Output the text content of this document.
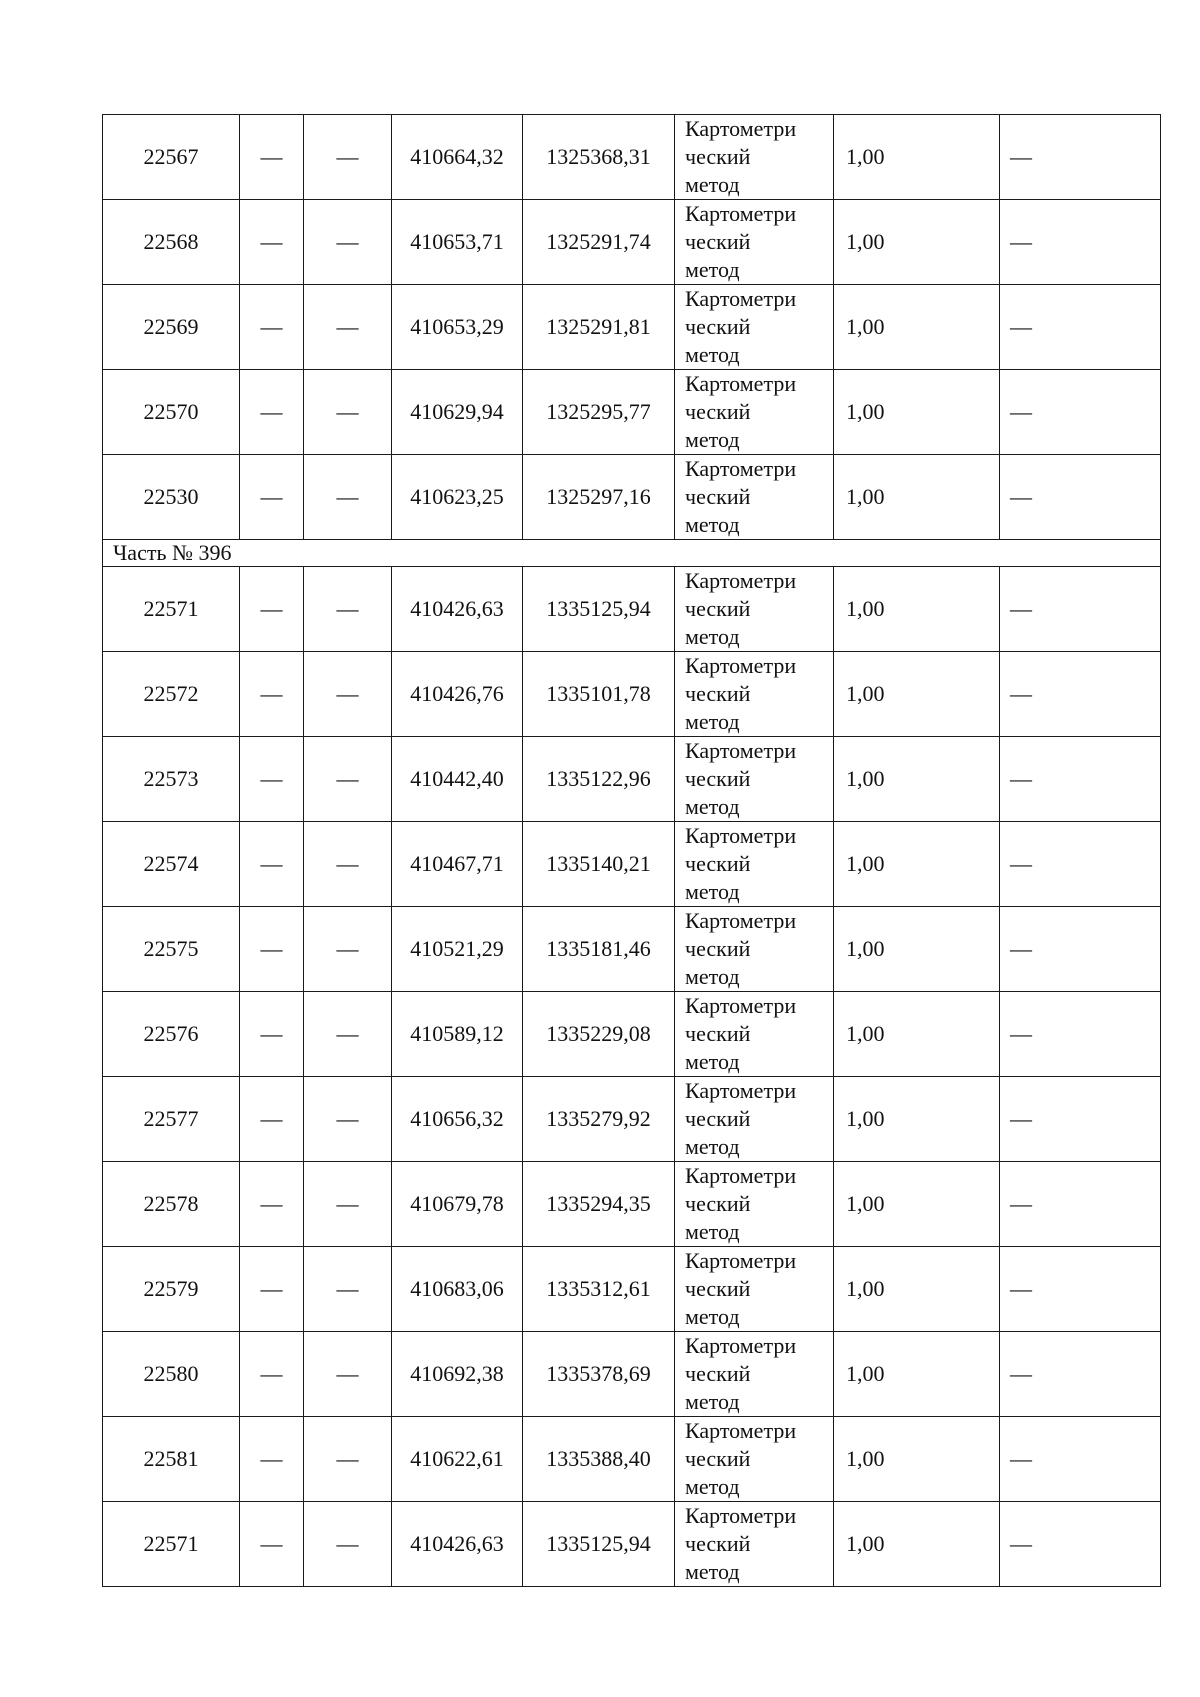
22567	—	—	410664,32	1325368,31	Картометри
ческий
метод	1,00	—
22568	—	—	410653,71	1325291,74	Картометри
ческий
метод	1,00	—
22569	—	—	410653,29	1325291,81	Картометри
ческий
метод	1,00	—
22570	—	—	410629,94	1325295,77	Картометри
ческий
метод	1,00	—
22530	—	—	410623,25	1325297,16	Картометри
ческий
метод	1,00	—
Часть № 396							
22571	—	—	410426,63	1335125,94	Картометри
ческий
метод	1,00	—
22572	—	—	410426,76	1335101,78	Картометри
ческий
метод	1,00	—
22573	—	—	410442,40	1335122,96	Картометри
ческий
метод	1,00	—
22574	—	—	410467,71	1335140,21	Картометри
ческий
метод	1,00	—
22575	—	—	410521,29	1335181,46	Картометри
ческий
метод	1,00	—
22576	—	—	410589,12	1335229,08	Картометри
ческий
метод	1,00	—
22577	—	—	410656,32	1335279,92	Картометри
ческий
метод	1,00	—
22578	—	—	410679,78	1335294,35	Картометри
ческий
метод	1,00	—
22579	—	—	410683,06	1335312,61	Картометри
ческий
метод	1,00	—
22580	—	—	410692,38	1335378,69	Картометри
ческий
метод	1,00	—
22581	—	—	410622,61	1335388,40	Картометри
ческий
метод	1,00	—
22571	—	—	410426,63	1335125,94	Картометри
ческий
метод	1,00	—
